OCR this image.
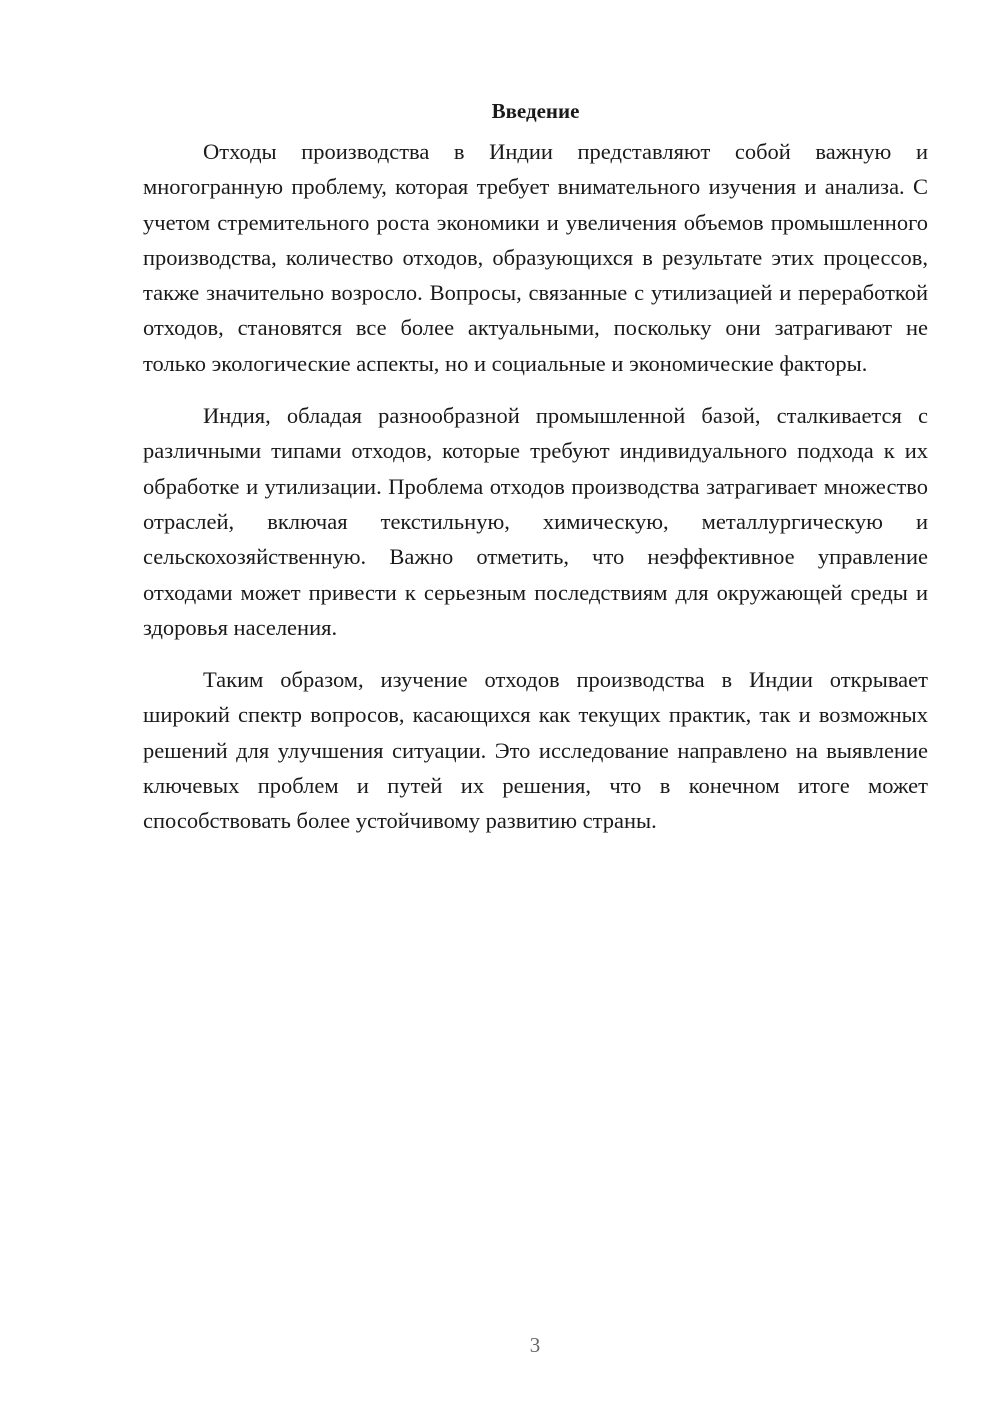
Введение

Отходы производства в Индии представляют собой важную и многогранную проблему, которая требует внимательного изучения и анализа. С учетом стремительного роста экономики и увеличения объемов промышленного производства, количество отходов, образующихся в результате этих процессов, также значительно возросло. Вопросы, связанные с утилизацией и переработкой отходов, становятся все более актуальными, поскольку они затрагивают не только экологические аспекты, но и социальные и экономические факторы.

Индия, обладая разнообразной промышленной базой, сталкивается с различными типами отходов, которые требуют индивидуального подхода к их обработке и утилизации. Проблема отходов производства затрагивает множество отраслей, включая текстильную, химическую, металлургическую и сельскохозяйственную. Важно отметить, что неэффективное управление отходами может привести к серьезным последствиям для окружающей среды и здоровья населения.

Таким образом, изучение отходов производства в Индии открывает широкий спектр вопросов, касающихся как текущих практик, так и возможных решений для улучшения ситуации. Это исследование направлено на выявление ключевых проблем и путей их решения, что в конечном итоге может способствовать более устойчивому развитию страны.

3
